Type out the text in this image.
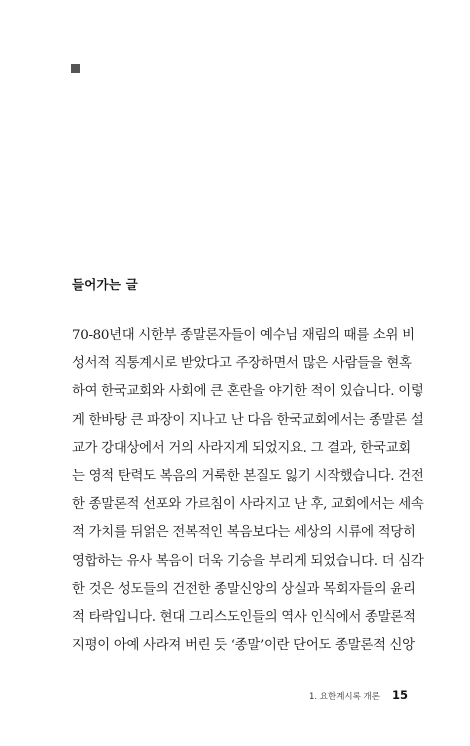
들어가는 글
70-80년대 시한부 종말론자들이 예수님 재림의 때를 소위 비
성서적 직통계시로 받았다고 주장하면서 많은 사람들을 현혹
하여 한국교회와 사회에 큰 혼란을 야기한 적이 있습니다. 이렇
게 한바탕 큰 파장이 지나고 난 다음 한국교회에서는 종말론 설
교가 강대상에서 거의 사라지게 되었지요. 그 결과, 한국교회
는 영적 탄력도 복음의 거룩한 본질도 잃기 시작했습니다. 건전
한 종말론적 선포와 가르침이 사라지고 난 후, 교회에서는 세속
적 가치를 뒤얽은 전복적인 복음보다는 세상의 시류에 적당히
영합하는 유사 복음이 더욱 기승을 부리게 되었습니다. 더 심각
한 것은 성도들의 건전한 종말신앙의 상실과 목회자들의 윤리
적 타락입니다. 현대 그리스도인들의 역사 인식에서 종말론적
지평이 아예 사라져 버린 듯 ‘종말’이란 단어도 종말론적 신앙
1. 요한계시록 개론 15
